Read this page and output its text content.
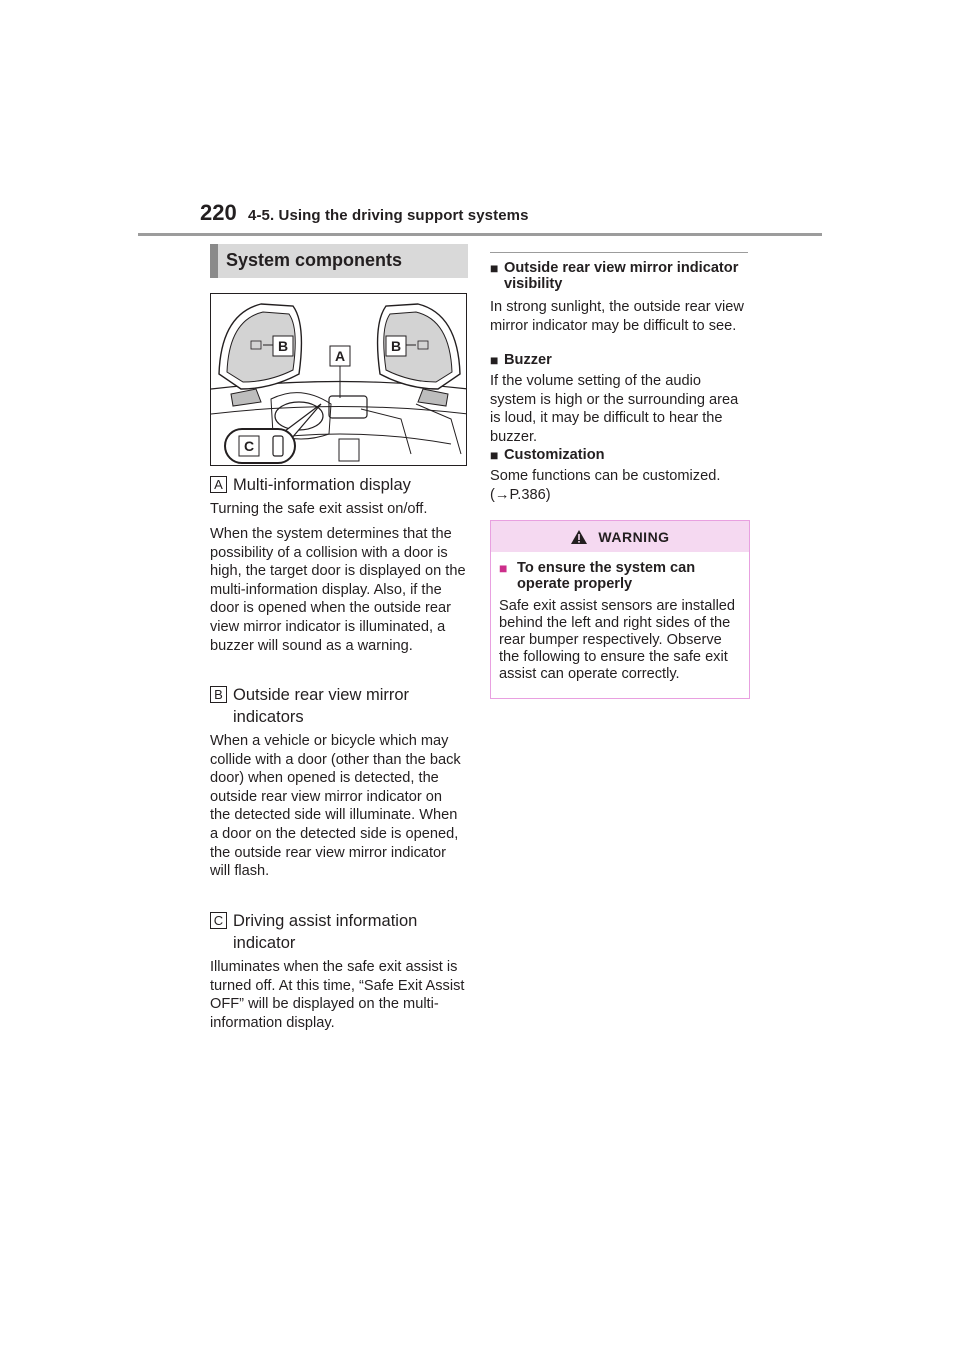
220 4-5. Using the driving support systems
System components
B
A
B
C
A Multi-information display
Turning the safe exit assist on/off.
When the system determines that the possibility of a collision with a door is high, the target door is displayed on the multi-information display. Also, if the door is opened when the outside rear view mirror indicator is illuminated, a buzzer will sound as a warning.
B Outside rear view mirror indicators
When a vehicle or bicycle which may collide with a door (other than the back door) when opened is detected, the outside rear view mirror indicator on the detected side will illuminate. When a door on the detected side is opened, the outside rear view mirror indicator will flash.
C Driving assist information indicator
Illuminates when the safe exit assist is turned off. At this time, “Safe Exit Assist OFF” will be displayed on the multi-information display.
■ Outside rear view mirror indicator visibility
In strong sunlight, the outside rear view mirror indicator may be difficult to see.
■ Buzzer
If the volume setting of the audio system is high or the surrounding area is loud, it may be difficult to hear the buzzer.
■ Customization
Some functions can be customized. (→P.386)
WARNING
■ To ensure the system can operate properly
Safe exit assist sensors are installed behind the left and right sides of the rear bumper respectively. Observe the following to ensure the safe exit assist can operate correctly.
